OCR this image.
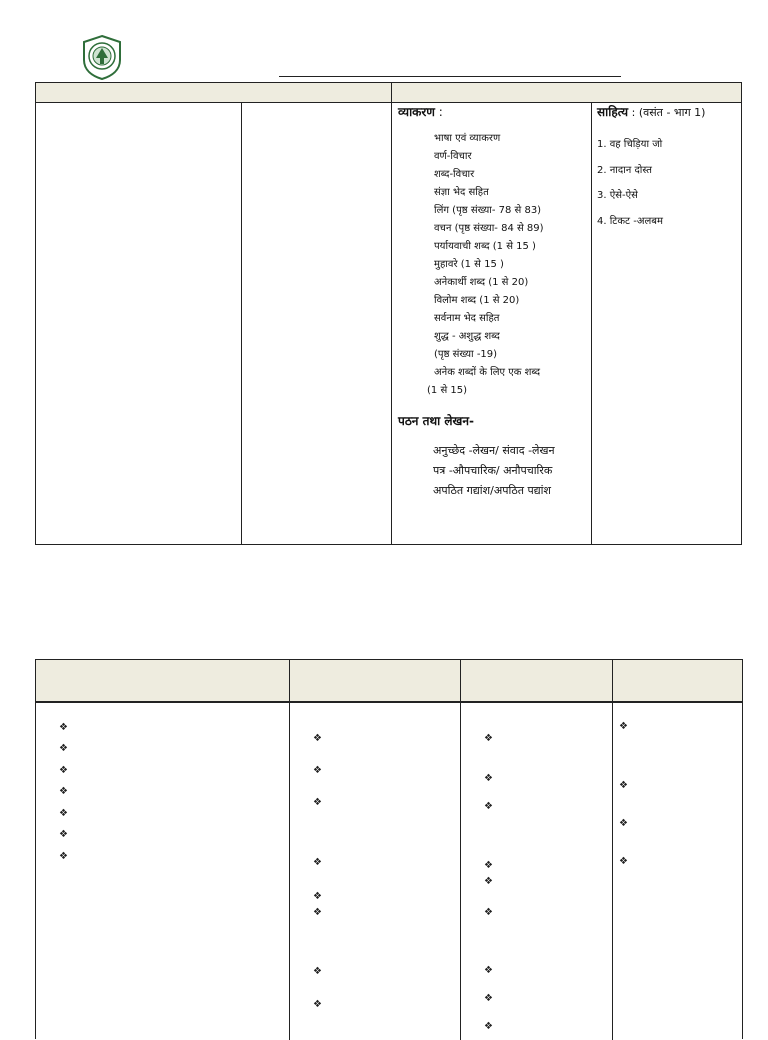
व्याकरण :
भाषा एवं व्याकरण
वर्ण-विचार
शब्द-विचार
संज्ञा भेद सहित
लिंग (पृष्ठ संख्या- 78 से 83)
वचन (पृष्ठ संख्या- 84 से 89)
पर्यायवाची शब्द (1 से 15 )
मुहावरे (1 से 15 )
अनेकार्थी शब्द (1 से 20)
विलोम शब्द (1 से 20)
सर्वनाम भेद सहित
शुद्ध - अशुद्ध शब्द
(पृष्ठ संख्या -19)
अनेक शब्दों के लिए एक शब्द
(1 से 15)
पठन तथा लेखन-
अनुच्छेद -लेखन/ संवाद -लेखन
पत्र -औपचारिक/ अनौपचारिक
अपठित गद्यांश/अपठित पद्यांश
साहित्य : (वसंत - भाग 1)
1. वह चिड़िया जो
2. नादान दोस्त
3. ऐसे-ऐसे
4. टिकट -अलबम
❖
❖
❖
❖
❖
❖
❖
❖
❖
❖
❖
❖
❖
❖
❖
❖
❖
❖
❖
❖
❖
❖
❖
❖
❖
❖
❖
❖
